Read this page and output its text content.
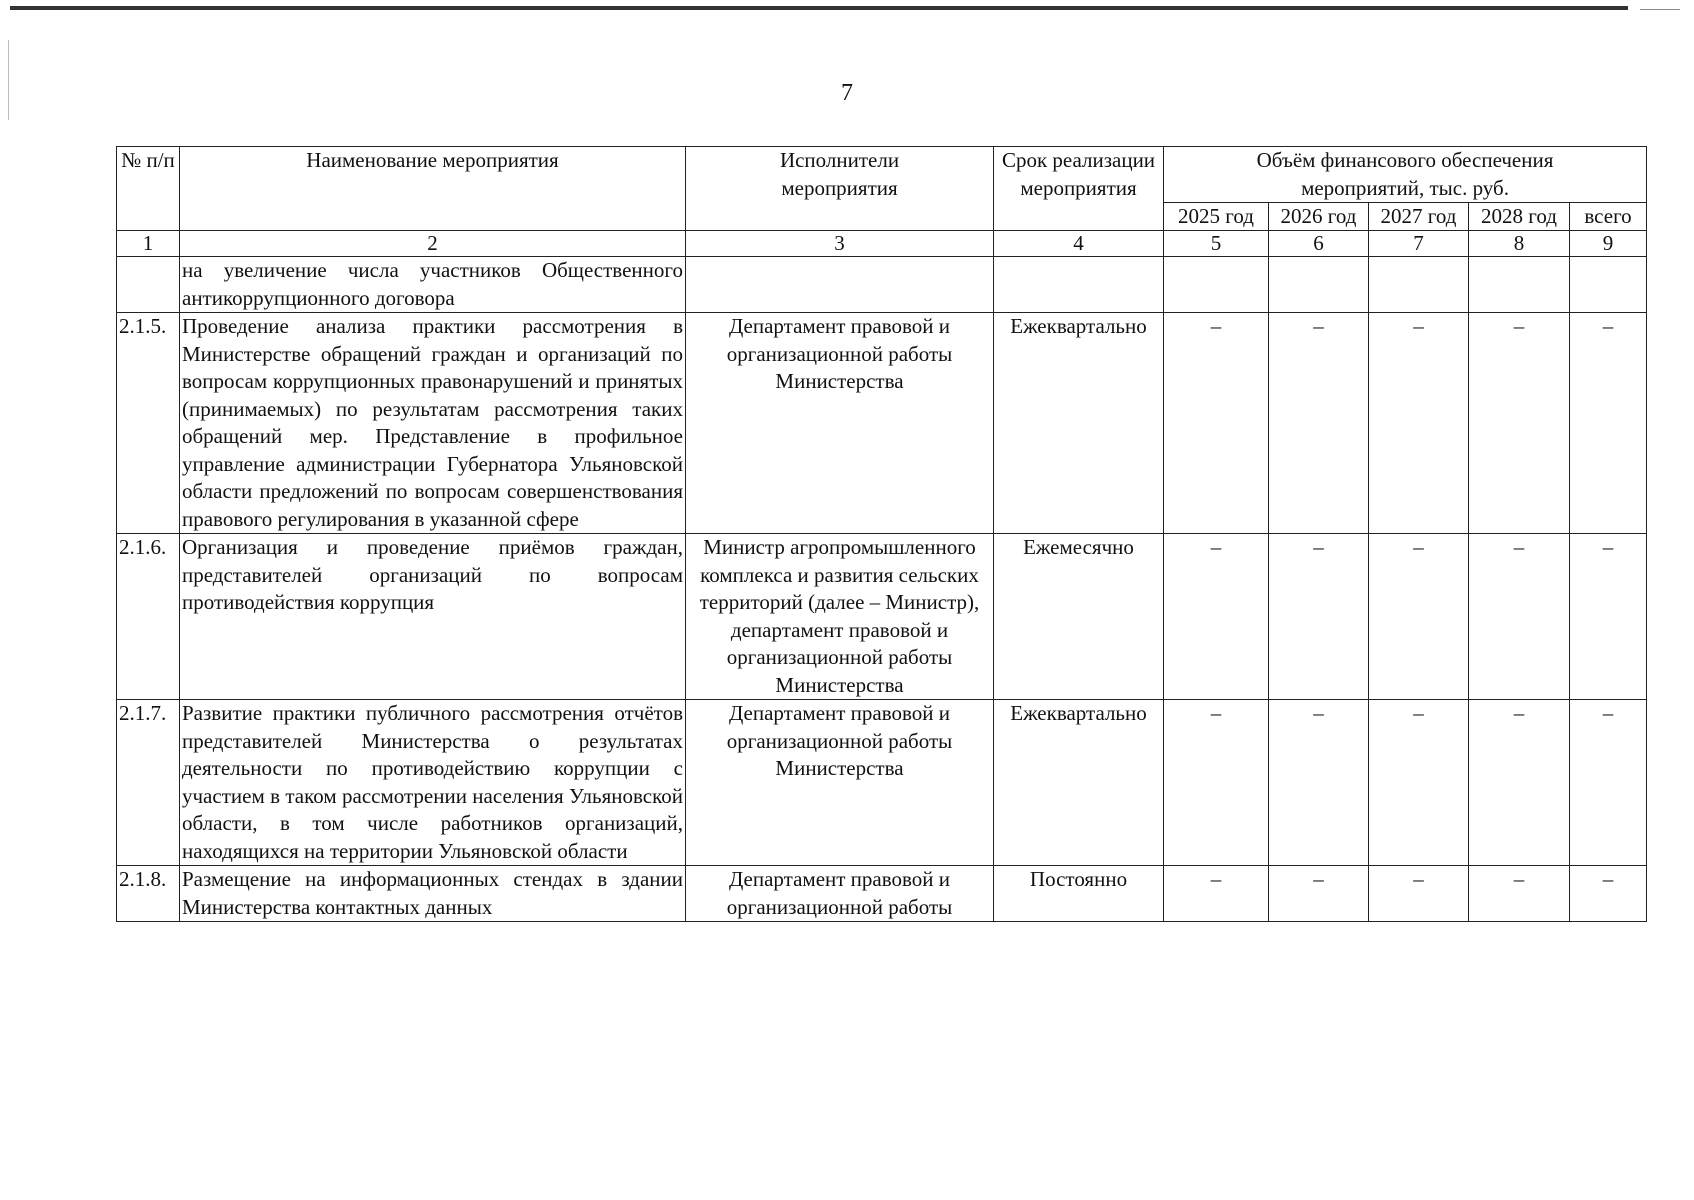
7
№ п/п	Наименование мероприятия	Исполнители мероприятия	Срок реализации мероприятия	Объём финансового обеспечения мероприятий, тыс. руб.				

				2025 год	2026 год	2027 год	2028 год	всего
1	2	3	4	5	6	7	8	9
	на увеличение числа участников Общественного антикоррупционного договора							
2.1.5.	Проведение анализа практики рассмотрения в Министерстве обращений граждан и организаций по вопросам коррупционных правонарушений и принятых (принимаемых) по результатам рассмотрения таких обращений мер. Представление в профильное управление администрации Губернатора Ульяновской области предложений по вопросам совершенствования правового регулирования в указанной сфере	Департамент правовой и организационной работы Министерства	Ежеквартально	–	–	–	–	–
2.1.6.	Организация и проведение приёмов граждан, представителей организаций по вопросам противодействия коррупция	Министр агропромышленного комплекса и развития сельских территорий (далее – Министр), департамент правовой и организационной работы Министерства	Ежемесячно	–	–	–	–	–
2.1.7.	Развитие практики публичного рассмотрения отчётов представителей Министерства о результатах деятельности по противодействию коррупции с участием в таком рассмотрении населения Ульяновской области, в том числе работников организаций, находящихся на территории Ульяновской области	Департамент правовой и организационной работы Министерства	Ежеквартально	–	–	–	–	–
2.1.8.	Размещение на информационных стендах в здании Министерства контактных данных	Департамент правовой и организационной работы	Постоянно	–	–	–	–	–
